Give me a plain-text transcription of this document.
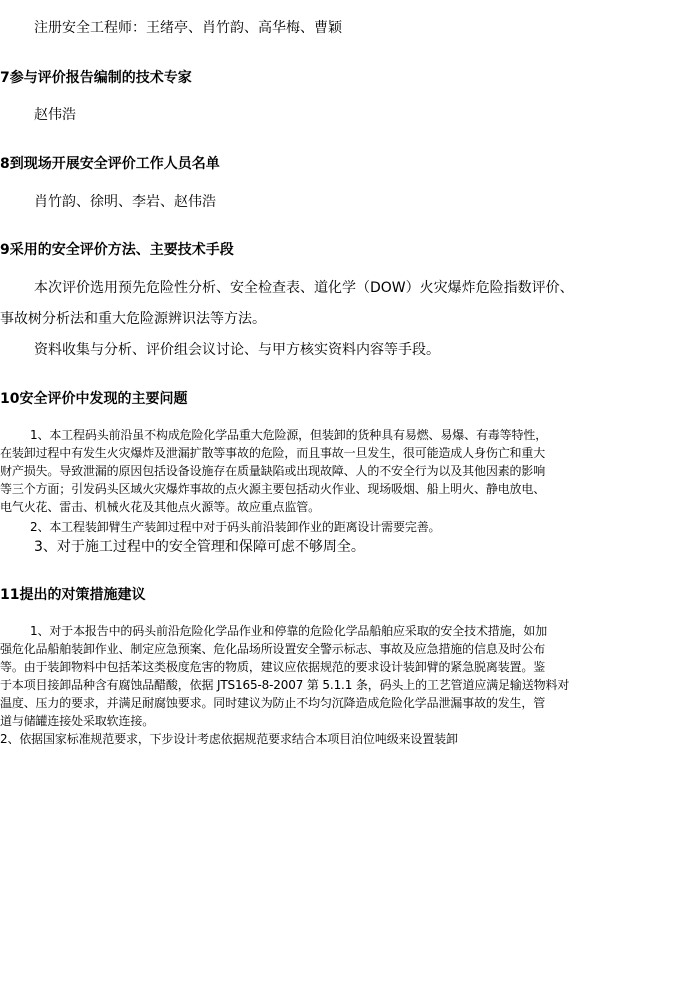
注册安全工程师：王绪亭、肖竹韵、高华梅、曹颖
7参与评价报告编制的技术专家
赵伟浩
8到现场开展安全评价工作人员名单
肖竹韵、徐明、李岩、赵伟浩
9采用的安全评价方法、主要技术手段
本次评价选用预先危险性分析、安全检查表、道化学（DOW）火灾爆炸危险指数评价、
事故树分析法和重大危险源辨识法等方法。
资料收集与分析、评价组会议讨论、与甲方核实资料内容等手段。
10安全评价中发现的主要问题
1、本工程码头前沿虽不构成危险化学品重大危险源，但装卸的货种具有易燃、易爆、有毒等特性，
在装卸过程中有发生火灾爆炸及泄漏扩散等事故的危险，而且事故一旦发生，很可能造成人身伤亡和重大
财产损失。导致泄漏的原因包括设备设施存在质量缺陷或出现故障、人的不安全行为以及其他因素的影响
等三个方面；引发码头区域火灾爆炸事故的点火源主要包括动火作业、现场吸烟、船上明火、静电放电、
电气火花、雷击、机械火花及其他点火源等。故应重点监管。
2、本工程装卸臂生产装卸过程中对于码头前沿装卸作业的距离设计需要完善。
3、对于施工过程中的安全管理和保障可虑不够周全。
11提出的对策措施建议
1、对于本报告中的码头前沿危险化学品作业和停靠的危险化学品船舶应采取的安全技术措施，如加
强危化品船舶装卸作业、制定应急预案、危化品场所设置安全警示标志、事故及应急措施的信息及时公布
等。由于装卸物料中包括苯这类极度危害的物质，建议应依据规范的要求设计装卸臂的紧急脱离装置。鉴
于本项目接卸品种含有腐蚀品醋酸，依据 JTS165-8-2007 第 5.1.1 条，码头上的工艺管道应满足输送物料对
温度、压力的要求，并满足耐腐蚀要求。同时建议为防止不均匀沉降造成危险化学品泄漏事故的发生，管
道与储罐连接处采取软连接。
2、依据国家标准规范要求，下步设计考虑依据规范要求结合本项目泊位吨级来设置装卸
